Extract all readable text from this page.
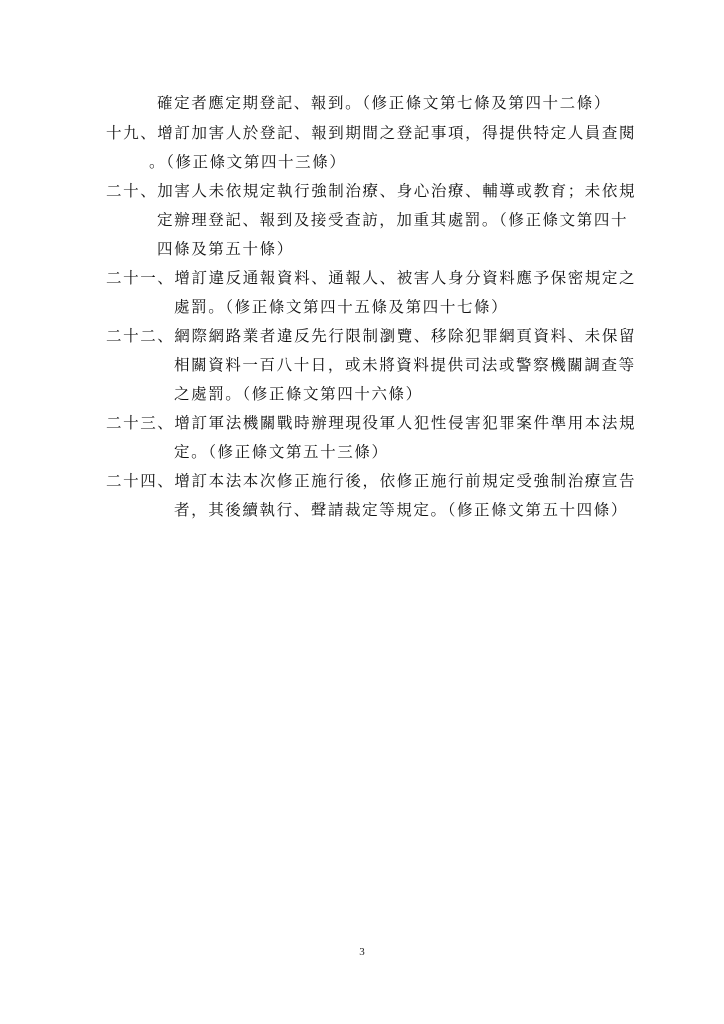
確定者應定期登記、報到。（修正條文第七條及第四十二條）
十九、增訂加害人於登記、報到期間之登記事項，得提供特定人員查閱
。（修正條文第四十三條）
二十、加害人未依規定執行強制治療、身心治療、輔導或教育；未依規
定辦理登記、報到及接受查訪，加重其處罰。（修正條文第四十
四條及第五十條）
二十一、增訂違反通報資料、通報人、被害人身分資料應予保密規定之
處罰。（修正條文第四十五條及第四十七條）
二十二、網際網路業者違反先行限制瀏覽、移除犯罪網頁資料、未保留
相關資料一百八十日，或未將資料提供司法或警察機關調查等
之處罰。（修正條文第四十六條）
二十三、增訂軍法機關戰時辦理現役軍人犯性侵害犯罪案件準用本法規
定。（修正條文第五十三條）
二十四、增訂本法本次修正施行後，依修正施行前規定受強制治療宣告
者，其後續執行、聲請裁定等規定。（修正條文第五十四條）
3
